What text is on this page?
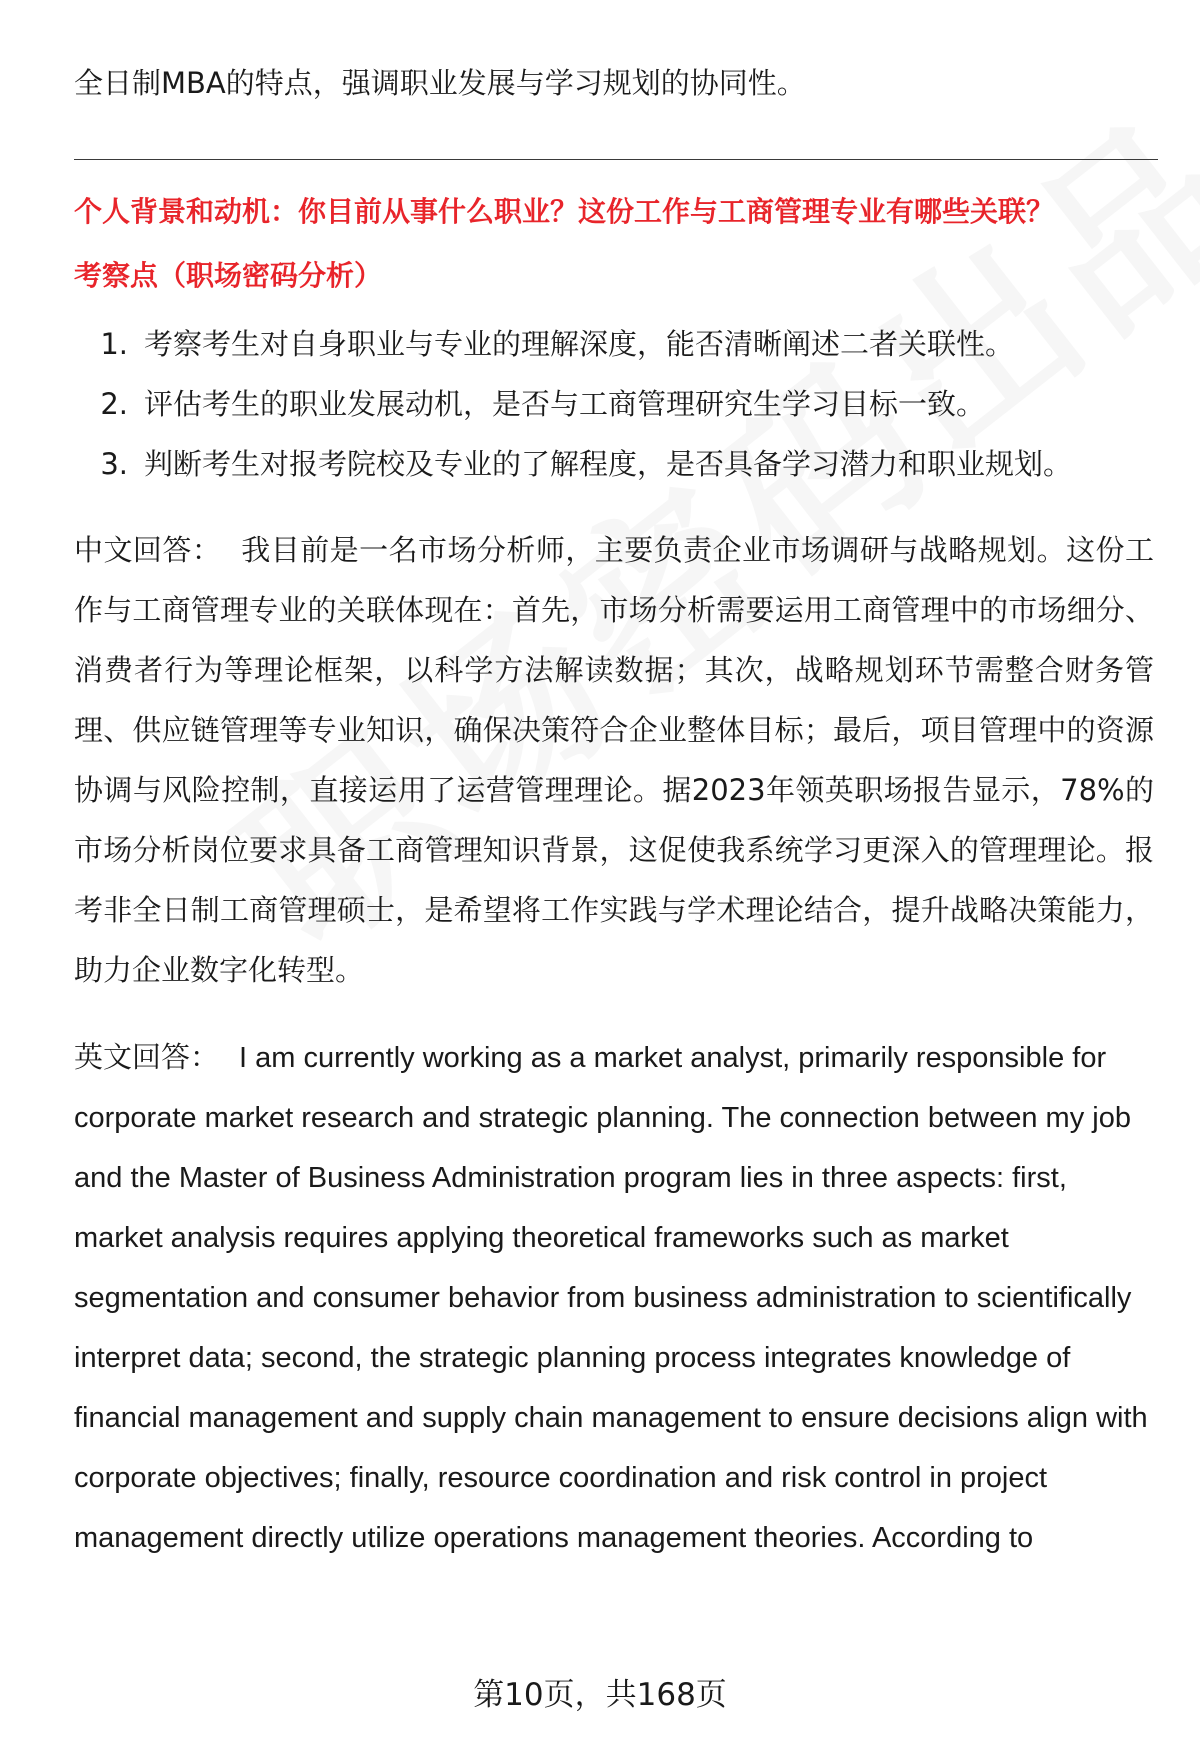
全日制MBA的特点，强调职业发展与学习规划的协同性。

个人背景和动机：你目前从事什么职业？这份工作与工商管理专业有哪些关联？

考察点（职场密码分析）

1. 考察考生对自身职业与专业的理解深度，能否清晰阐述二者关联性。
2. 评估考生的职业发展动机，是否与工商管理研究生学习目标一致。
3. 判断考生对报考院校及专业的了解程度，是否具备学习潜力和职业规划。

中文回答： 我目前是一名市场分析师，主要负责企业市场调研与战略规划。这份工作与工商管理专业的关联体现在：首先，市场分析需要运用工商管理中的市场细分、消费者行为等理论框架，以科学方法解读数据；其次，战略规划环节需整合财务管理、供应链管理等专业知识，确保决策符合企业整体目标；最后，项目管理中的资源协调与风险控制，直接运用了运营管理理论。据2023年领英职场报告显示，78%的市场分析岗位要求具备工商管理知识背景，这促使我系统学习更深入的管理理论。报考非全日制工商管理硕士，是希望将工作实践与学术理论结合，提升战略决策能力，助力企业数字化转型。

英文回答： I am currently working as a market analyst, primarily responsible for corporate market research and strategic planning. The connection between my job and the Master of Business Administration program lies in three aspects: first, market analysis requires applying theoretical frameworks such as market segmentation and consumer behavior from business administration to scientifically interpret data; second, the strategic planning process integrates knowledge of financial management and supply chain management to ensure decisions align with corporate objectives; finally, resource coordination and risk control in project management directly utilize operations management theories. According to

第10页，共168页
